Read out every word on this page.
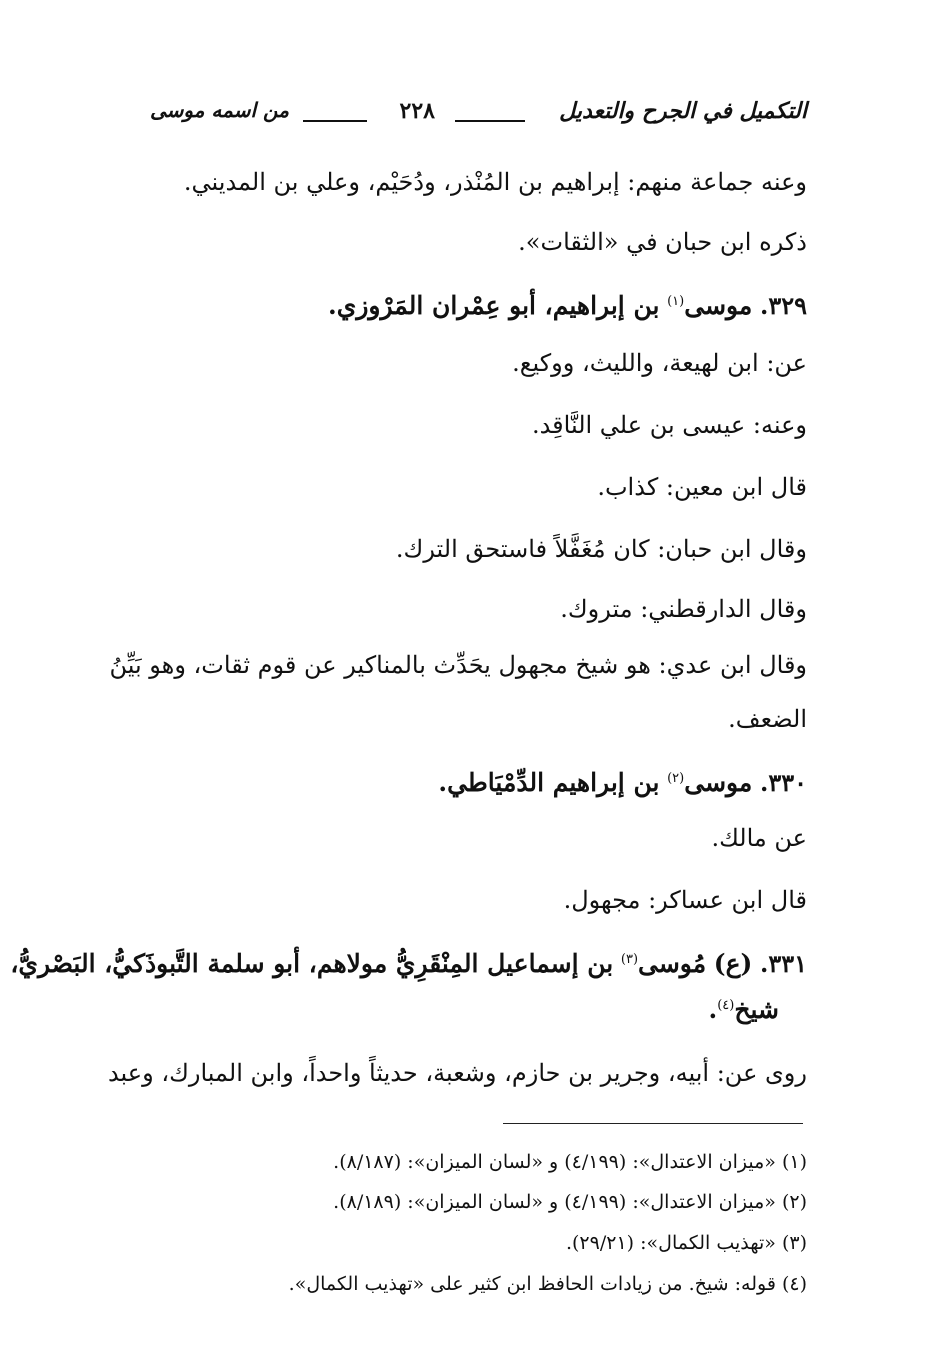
التكميل في الجرح والتعديل
٢٢٨
من اسمه موسى
وعنه جماعة منهم: إبراهيم بن المُنْذر، ودُحَيْم، وعلي بن المديني.
ذكره ابن حبان في «الثقات».
٣٢٩. موسى$^{(١)}$ بن إبراهيم، أبو عِمْران المَرْوزي.
عن: ابن لهيعة، والليث، ووكيع.
وعنه: عيسى بن علي النَّاقِد.
قال ابن معين: كذاب.
وقال ابن حبان: كان مُغَفَّلاً فاستحق الترك.
وقال الدارقطني: متروك.
وقال ابن عدي: هو شيخ مجهول يحَدِّث بالمناكير عن قوم ثقات، وهو بَيِّنُ الضعف.
٣٣٠. موسى$^{(٢)}$ بن إبراهيم الدِّمْيَاطي.
عن مالك.
قال ابن عساكر: مجهول.
٣٣١. (ع) مُوسى$^{(٣)}$ بن إسماعيل المِنْقَرِيُّ مولاهم، أبو سلمة التَّبوذَكيُّ، البَصْريُّ،
شيخ$^{(٤)}$.
روى عن: أبيه، وجرير بن حازم، وشعبة، حديثاً واحداً، وابن المبارك، وعبد
(١) «ميزان الاعتدال»: (٤/١٩٩) و «لسان الميزان»: (٨/١٨٧).
(٢) «ميزان الاعتدال»: (٤/١٩٩) و «لسان الميزان»: (٨/١٨٩).
(٣) «تهذيب الكمال»: (٢٩/٢١).
(٤) قوله: شيخ. من زيادات الحافظ ابن كثير على «تهذيب الكمال».
